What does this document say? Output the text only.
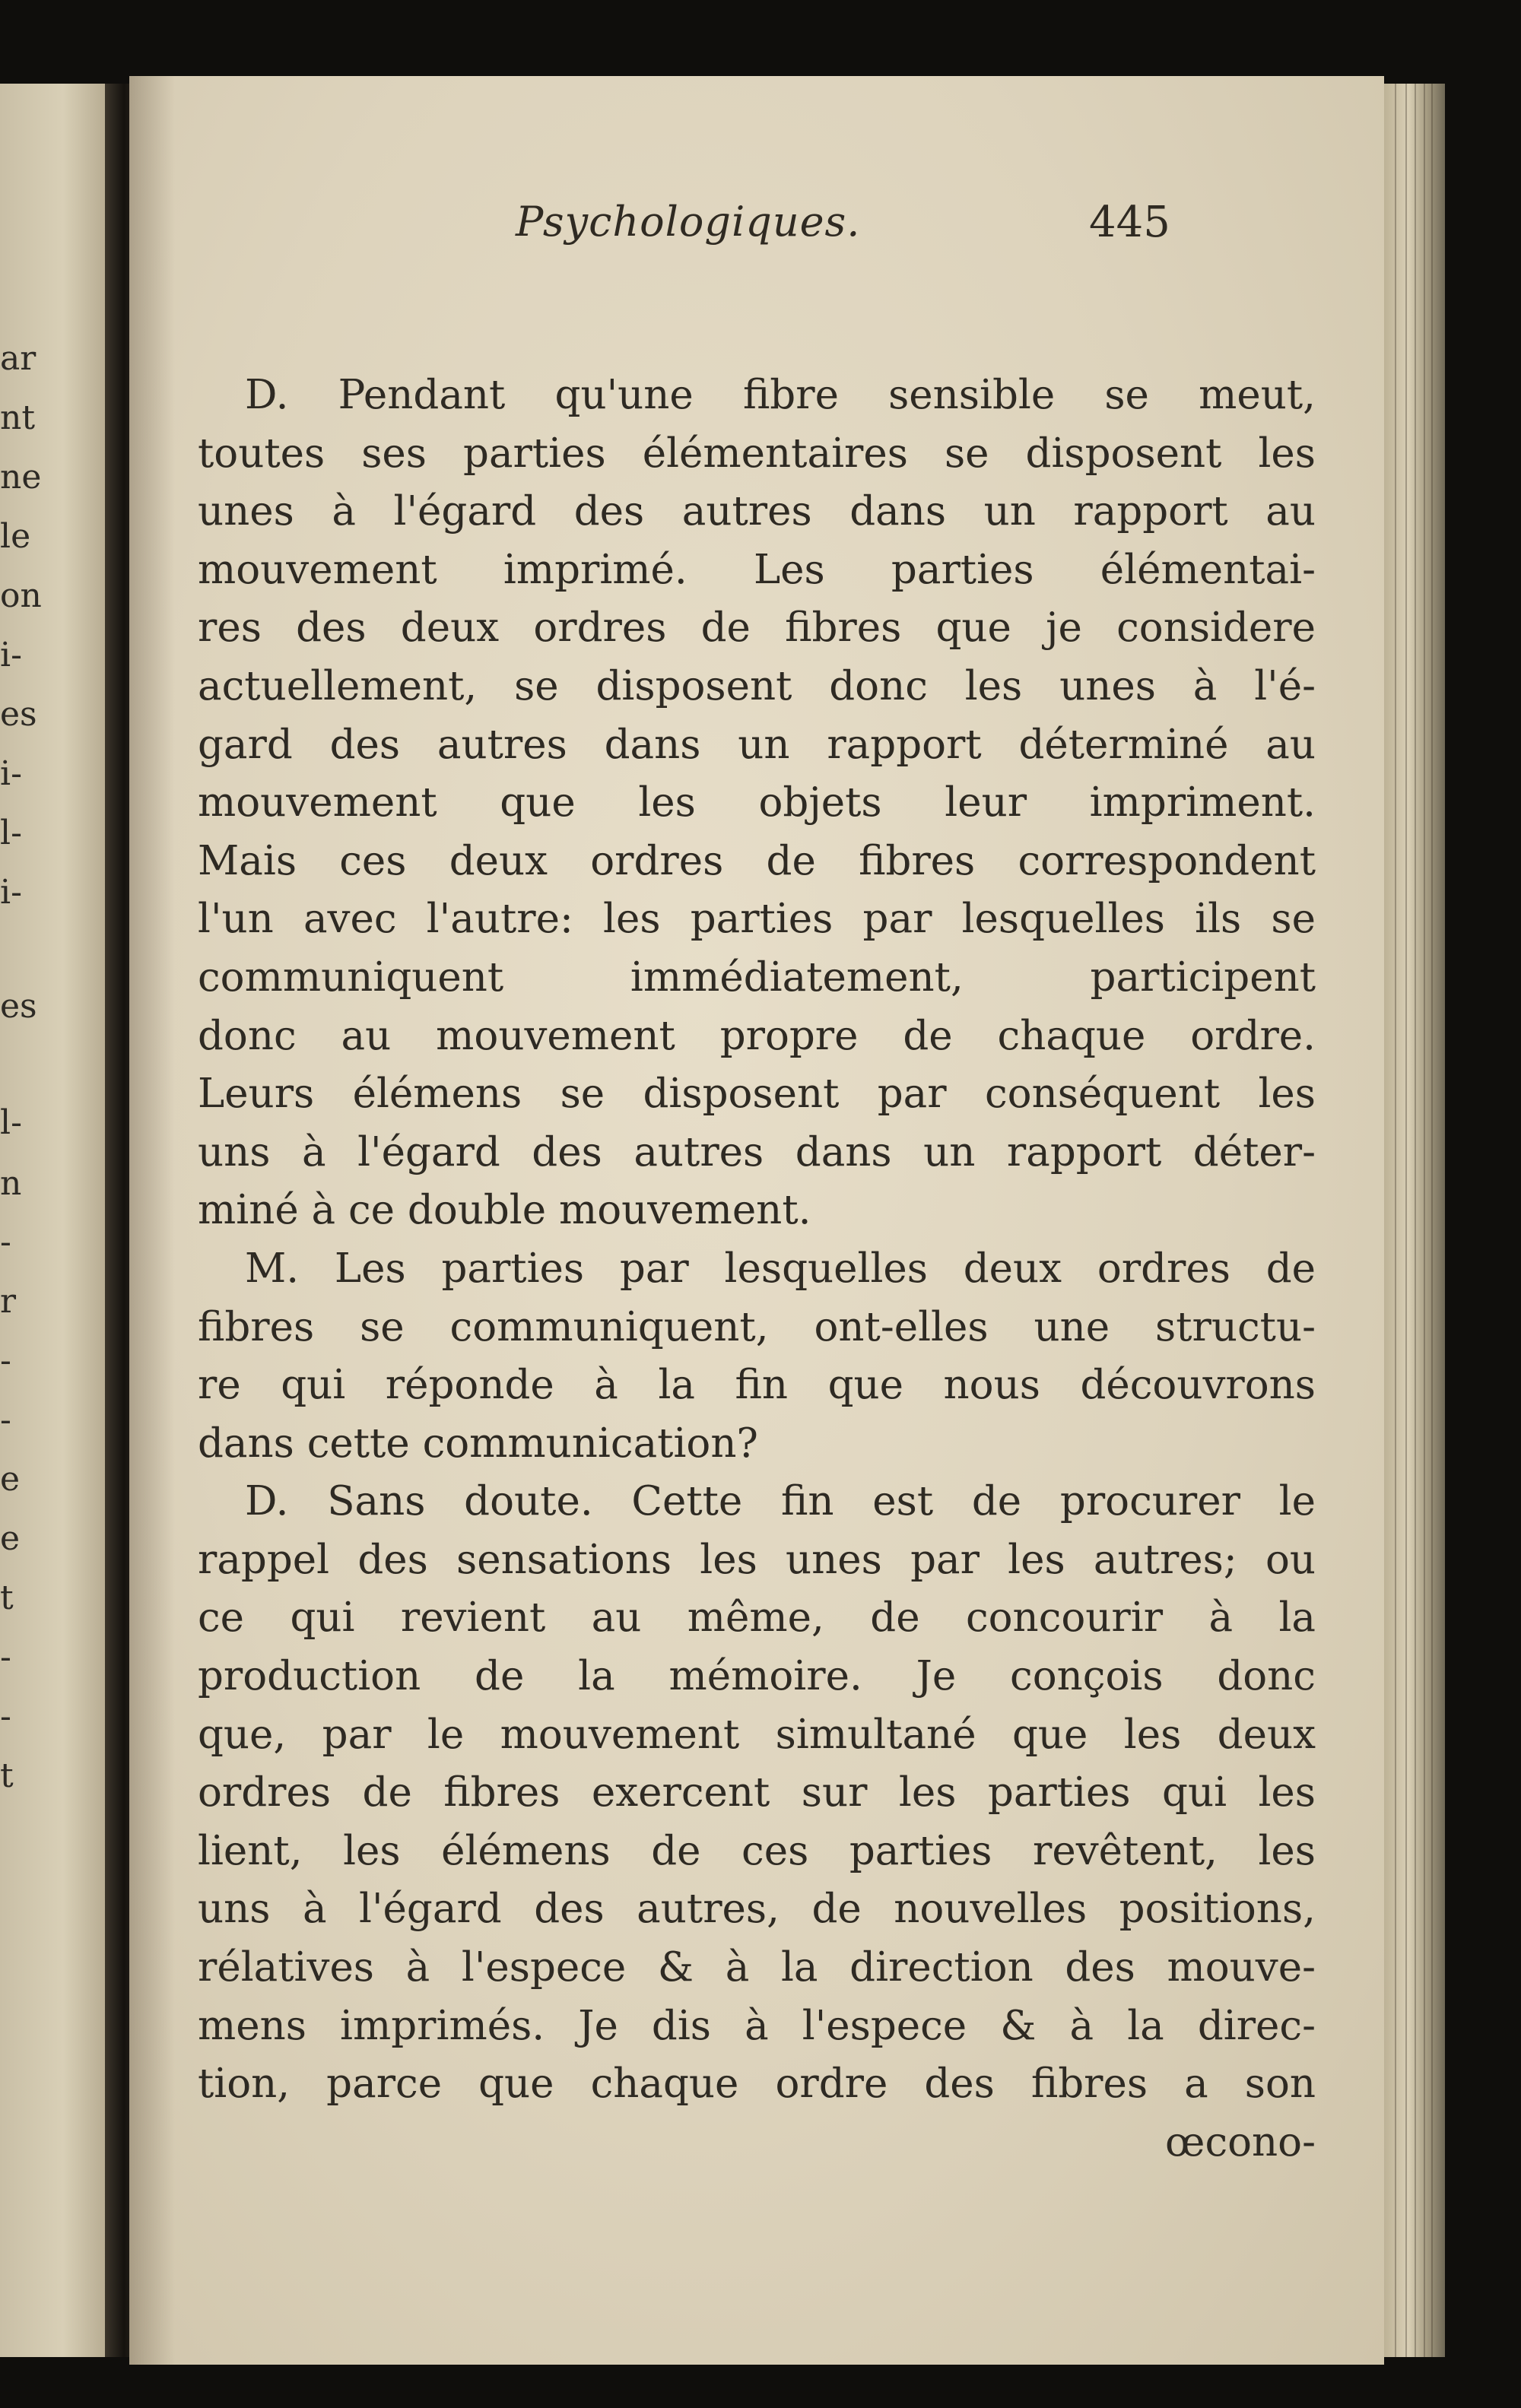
ar
nt
ne
le
on
i-
es
i-
l-
i-
es
l-
n
-
r
-
-
e
e
t
-
-
t
Psychologiques.	445
D. Pendant qu'une fibre sensible se meut,
toutes ses parties élémentaires se disposent les
unes à l'égard des autres dans un rapport au
mouvement imprimé. Les parties élémentai-
res des deux ordres de fibres que je considere
actuellement, se disposent donc les unes à l'é-
gard des autres dans un rapport déterminé au
mouvement que les objets leur impriment.
Mais ces deux ordres de fibres correspondent
l'un avec l'autre: les parties par lesquelles ils se
communiquent immédiatement, participent
donc au mouvement propre de chaque ordre.
Leurs élémens se disposent par conséquent les
uns à l'égard des autres dans un rapport déter-
miné à ce double mouvement.
M. Les parties par lesquelles deux ordres de
fibres se communiquent, ont-elles une structu-
re qui réponde à la fin que nous découvrons
dans cette communication?
D. Sans doute. Cette fin est de procurer le
rappel des sensations les unes par les autres; ou
ce qui revient au même, de concourir à la
production de la mémoire. Je conçois donc
que, par le mouvement simultané que les deux
ordres de fibres exercent sur les parties qui les
lient, les élémens de ces parties revêtent, les
uns à l'égard des autres, de nouvelles positions,
rélatives à l'espece & à la direction des mouve-
mens imprimés. Je dis à l'espece & à la direc-
tion, parce que chaque ordre des fibres a son
œcono-
